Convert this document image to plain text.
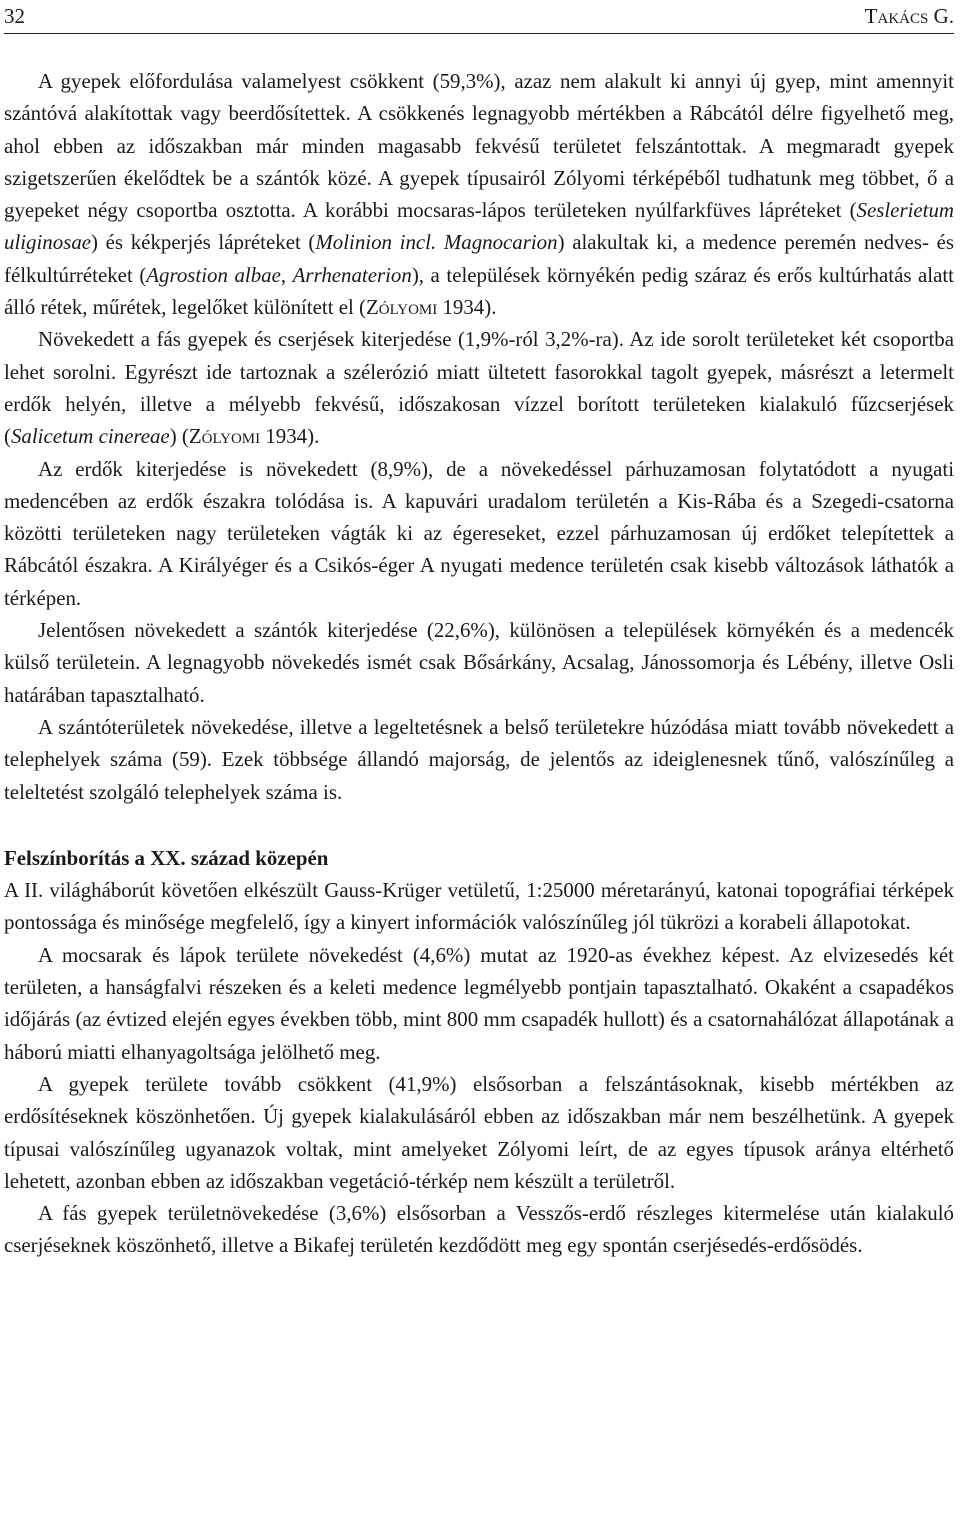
32	Takács G.

A gyepek előfordulása valamelyest csökkent (59,3%), azaz nem alakult ki annyi új gyep, mint amennyit szántóvá alakítottak vagy beerdősítettek. A csökkenés legnagyobb mértékben a Rábcától délre figyelhető meg, ahol ebben az időszakban már minden magasabb fekvésű területet felszántottak. A megmaradt gyepek szigetszerűen ékelődtek be a szántók közé. A gyepek típusairól Zólyomi térképéből tudhatunk meg többet, ő a gyepeket négy csoportba osztotta. A korábbi mocsaras-lápos területeken nyúlfarkfüves lápréteket (Seslerietum uliginosae) és kékperjés lápréteket (Molinion incl. Magnocarion) alakultak ki, a medence peremén nedves- és félkultúrréteket (Agrostion albae, Arrhenaterion), a települések környékén pedig száraz és erős kultúrhatás alatt álló rétek, műrétek, legelőket különített el (Zólyomi 1934).

Növekedett a fás gyepek és cserjések kiterjedése (1,9%-ról 3,2%-ra). Az ide sorolt területeket két csoportba lehet sorolni. Egyrészt ide tartoznak a szélerózió miatt ültetett fasorokkal tagolt gyepek, másrészt a letermelt erdők helyén, illetve a mélyebb fekvésű, időszakosan vízzel borított területeken kialakuló fűzcserjések (Salicetum cinereae) (Zólyomi 1934).

Az erdők kiterjedése is növekedett (8,9%), de a növekedéssel párhuzamosan folytatódott a nyugati medencében az erdők északra tolódása is. A kapuvári uradalom területén a Kis-Rába és a Szegedi-csatorna közötti területeken nagy területeken vágták ki az égereseket, ezzel párhuzamosan új erdőket telepítettek a Rábcától északra. A Királyéger és a Csikós-éger A nyugati medence területén csak kisebb változások láthatók a térképen.

Jelentősen növekedett a szántók kiterjedése (22,6%), különösen a települések környékén és a medencék külső területein. A legnagyobb növekedés ismét csak Bősárkány, Acsalag, Jánossomorja és Lébény, illetve Osli határában tapasztalható.

A szántóterületek növekedése, illetve a legeltetésnek a belső területekre húzódása miatt tovább növekedett a telephelyek száma (59). Ezek többsége állandó majorság, de jelentős az ideiglenesnek tűnő, valószínűleg a teleltetést szolgáló telephelyek száma is.

Felszínborítás a XX. század közepén

A II. világháborút követően elkészült Gauss-Krüger vetületű, 1:25000 méretarányú, katonai topográfiai térképek pontossága és minősége megfelelő, így a kinyert információk valószínűleg jól tükrözi a korabeli állapotokat.

A mocsarak és lápok területe növekedést (4,6%) mutat az 1920-as évekhez képest. Az elvizesedés két területen, a hanságfalvi részeken és a keleti medence legmélyebb pontjain tapasztalható. Okaként a csapadékos időjárás (az évtized elején egyes években több, mint 800 mm csapadék hullott) és a csatornahálózat állapotának a háború miatti elhanyagoltsága jelölhető meg.

A gyepek területe tovább csökkent (41,9%) elsősorban a felszántásoknak, kisebb mértékben az erdősítéseknek köszönhetően. Új gyepek kialakulásáról ebben az időszakban már nem beszélhetünk. A gyepek típusai valószínűleg ugyanazok voltak, mint amelyeket Zólyomi leírt, de az egyes típusok aránya eltérhető lehetett, azonban ebben az időszakban vegetáció-térkép nem készült a területről.

A fás gyepek területnövekedése (3,6%) elsősorban a Vesszős-erdő részleges kitermelése után kialakuló cserjéseknek köszönhető, illetve a Bikafej területén kezdődött meg egy spontán cserjésedés-erdősödés.
